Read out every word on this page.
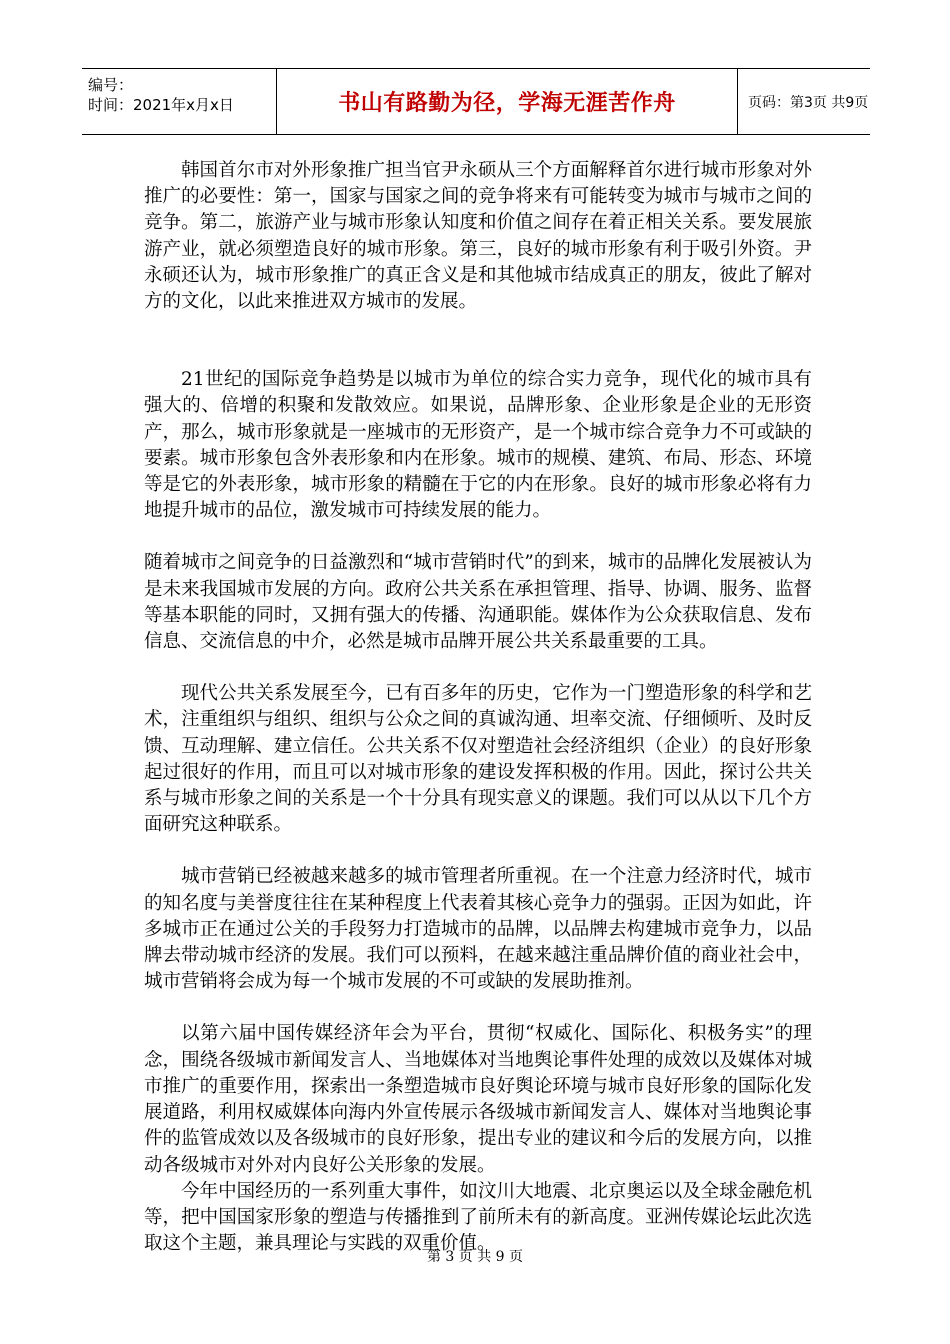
编号：
时间：2021年x月x日	书山有路勤为径，学海无涯苦作舟	页码：第3页 共9页

韩国首尔市对外形象推广担当官尹永硕从三个方面解释首尔进行城市形象对外推广的必要性：第一，国家与国家之间的竞争将来有可能转变为城市与城市之间的竞争。第二，旅游产业与城市形象认知度和价值之间存在着正相关关系。要发展旅游产业，就必须塑造良好的城市形象。第三，良好的城市形象有利于吸引外资。尹永硕还认为，城市形象推广的真正含义是和其他城市结成真正的朋友，彼此了解对方的文化，以此来推进双方城市的发展。

21世纪的国际竞争趋势是以城市为单位的综合实力竞争，现代化的城市具有强大的、倍增的积聚和发散效应。如果说，品牌形象、企业形象是企业的无形资产，那么，城市形象就是一座城市的无形资产，是一个城市综合竞争力不可或缺的要素。城市形象包含外表形象和内在形象。城市的规模、建筑、布局、形态、环境等是它的外表形象，城市形象的精髓在于它的内在形象。良好的城市形象必将有力地提升城市的品位，激发城市可持续发展的能力。

随着城市之间竞争的日益激烈和“城市营销时代”的到来，城市的品牌化发展被认为是未来我国城市发展的方向。政府公共关系在承担管理、指导、协调、服务、监督等基本职能的同时，又拥有强大的传播、沟通职能。媒体作为公众获取信息、发布信息、交流信息的中介，必然是城市品牌开展公共关系最重要的工具。

现代公共关系发展至今，已有百多年的历史，它作为一门塑造形象的科学和艺术，注重组织与组织、组织与公众之间的真诚沟通、坦率交流、仔细倾听、及时反馈、互动理解、建立信任。公共关系不仅对塑造社会经济组织（企业）的良好形象起过很好的作用，而且可以对城市形象的建设发挥积极的作用。因此，探讨公共关系与城市形象之间的关系是一个十分具有现实意义的课题。我们可以从以下几个方面研究这种联系。

城市营销已经被越来越多的城市管理者所重视。在一个注意力经济时代，城市的知名度与美誉度往往在某种程度上代表着其核心竞争力的强弱。正因为如此，许多城市正在通过公关的手段努力打造城市的品牌，以品牌去构建城市竞争力，以品牌去带动城市经济的发展。我们可以预料，在越来越注重品牌价值的商业社会中，城市营销将会成为每一个城市发展的不可或缺的发展助推剂。

以第六届中国传媒经济年会为平台，贯彻“权威化、国际化、积极务实”的理念，围绕各级城市新闻发言人、当地媒体对当地舆论事件处理的成效以及媒体对城市推广的重要作用，探索出一条塑造城市良好舆论环境与城市良好形象的国际化发展道路，利用权威媒体向海内外宣传展示各级城市新闻发言人、媒体对当地舆论事件的监管成效以及各级城市的良好形象，提出专业的建议和今后的发展方向，以推动各级城市对外对内良好公关形象的发展。

今年中国经历的一系列重大事件，如汶川大地震、北京奥运以及全球金融危机等，把中国国家形象的塑造与传播推到了前所未有的新高度。亚洲传媒论坛此次选取这个主题，兼具理论与实践的双重价值。

第 3 页 共 9 页
